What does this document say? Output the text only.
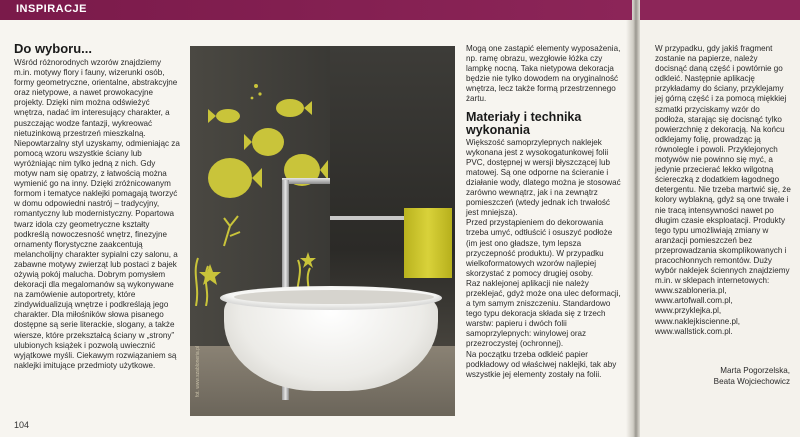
INSPIRACJE
Do wyboru...

Wśród różnorodnych wzorów znajdziemy m.in. motywy flory i fauny, wizerunki osób, formy geometryczne, orientalne, abstrakcyjne oraz nietypowe, a nawet prowokacyjne projekty. Dzięki nim można odświeżyć wnętrza, nadać im interesujący charakter, a puszczając wodze fantazji, wykreować nietuzinkową przestrzeń mieszkalną. Niepowtarzalny styl uzyskamy, odmieniając za pomocą wzoru wszystkie ściany lub wyróżniając nim tylko jedną z nich. Gdy motyw nam się opatrzy, z łatwością można wymienić go na inny. Dzięki zróżnicowanym formom i tematyce naklejki pomagają tworzyć w domu odpowiedni nastrój – tradycyjny, romantyczny lub modernistyczny. Popartowa twarz idola czy geometryczne kształty podkreślą nowoczesność wnętrz, finezyjne ornamenty florystyczne zaakcentują melancholijny charakter sypialni czy salonu, a zabawne motywy zwierząt lub postaci z bajek ożywią pokój malucha. Dobrym pomysłem dekoracji dla megalomanów są wykonywane na zamówienie autoportrety, które zindywidualizują wnętrze i podkreślają jego charakter. Dla miłośników słowa pisanego dostępne są serie literackie, slogany, a także wiersze, które przekształcą ściany w „strony” ulubionych książek i pozwolą uwiecznić wyjątkowe myśli. Ciekawym rozwiązaniem są naklejki imitujące przedmioty użytkowe.	fot. www.szabloneria.pl

Mogą one zastąpić elementy wyposażenia, np. ramę obrazu, wezgłowie łóżka czy lampkę nocną. Taka nietypowa dekoracja będzie nie tylko dowodem na oryginalność wnętrza, lecz także formą przestrzennego żartu.

Materiały i technika wykonania

Większość samoprzylepnych naklejek wykonana jest z wysokogatunkowej folii PVC, dostępnej w wersji błyszczącej lub matowej. Są one odporne na ścieranie i działanie wody, dlatego można je stosować zarówno wewnątrz, jak i na zewnątrz pomieszczeń (wtedy jednak ich trwałość jest mniejsza).

Przed przystąpieniem do dekorowania trzeba umyć, odtłuścić i osuszyć podłoże (im jest ono gładsze, tym lepsza przyczepność produktu). W przypadku wielkoformatowych wzorów najlepiej skorzystać z pomocy drugiej osoby.

Raz naklejonej aplikacji nie należy przeklejać, gdyż może ona ulec deformacji, a tym samym zniszczeniu. Standardowo tego typu dekoracja składa się z trzech warstw: papieru i dwóch folii samoprzylepnych: winylowej oraz przezroczystej (ochronnej).

Na początku trzeba odkleić papier podkładowy od właściwej naklejki, tak aby wszystkie jej elementy zostały na folii.

W przypadku, gdy jakiś fragment zostanie na papierze, należy docisnąć daną część i powtórnie go odkleić. Następnie aplikację przykładamy do ściany, przyklejamy jej górną część i za pomocą miękkiej szmatki przyciskamy wzór do podłoża, starając się docisnąć tylko powierzchnię z dekoracją. Na końcu odklejamy folię, prowadząc ją równolegle i powoli. Przyklejonych motywów nie powinno się myć, a jedynie przecierać lekko wilgotną ściereczką z dodatkiem łagodnego detergentu. Nie trzeba martwić się, że kolory wyblakną, gdyż są one trwałe i nie tracą intensywności nawet po długim czasie eksploatacji. Produkty tego typu umożliwiają zmiany w aranżacji pomieszczeń bez przeprowadzania skomplikowanych i pracochłonnych remontów. Duży wybór naklejek ściennych znajdziemy m.in. w sklepach internetowych: www.szabloneria.pl, www.artofwall.com.pl, www.przyklejka.pl, www.naklejkiscienne.pl, www.wallstick.com.pl.

Marta Pogorzelska,
Beata Wojciechowicz
104
